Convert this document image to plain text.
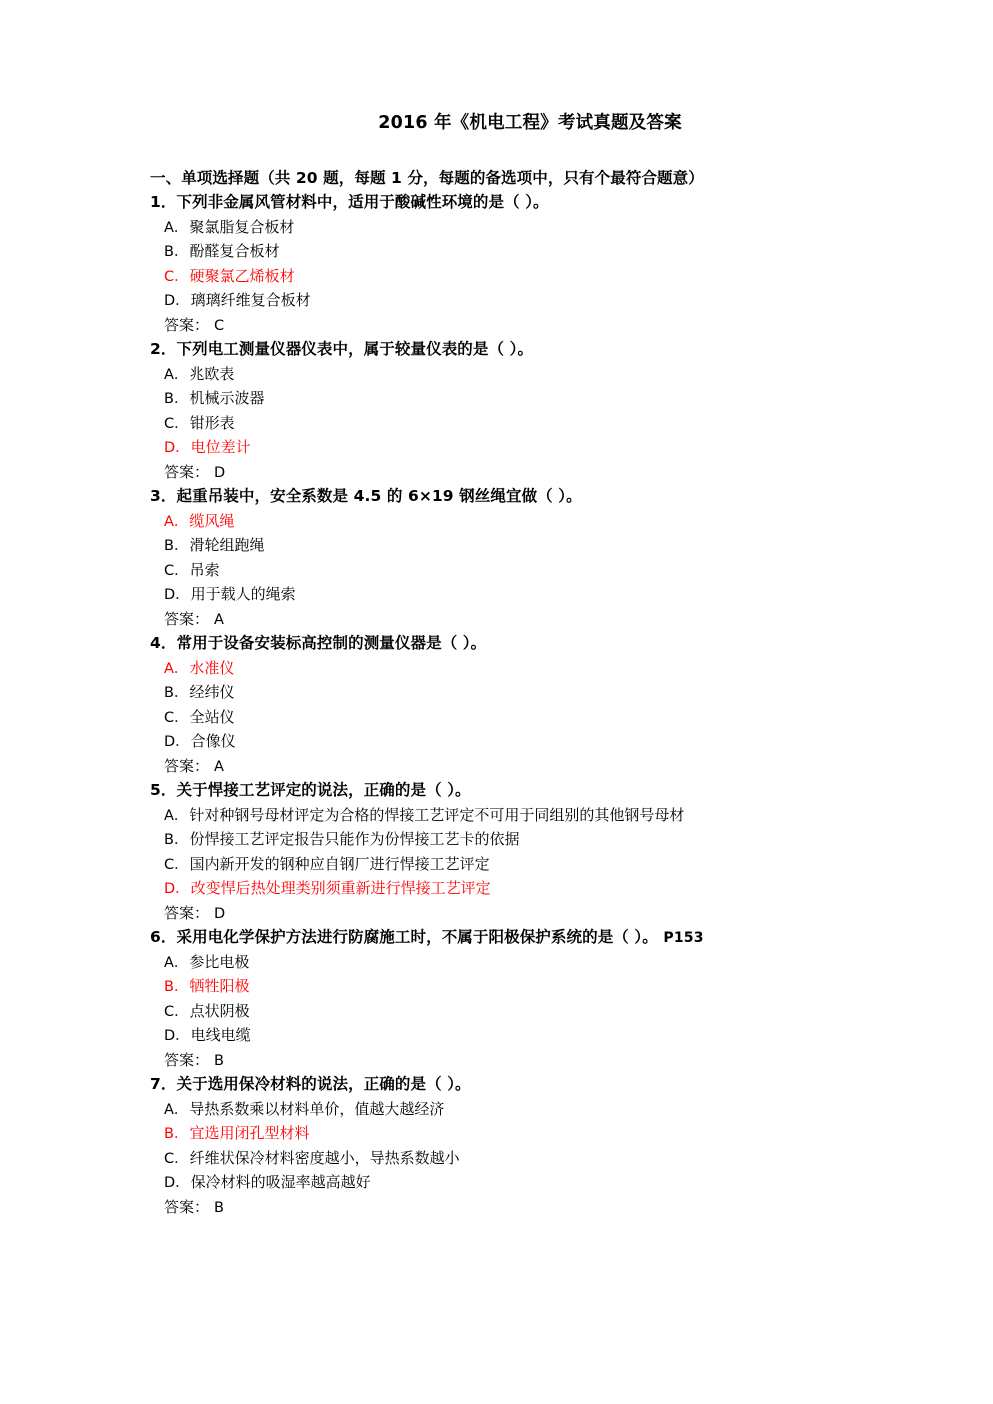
2016 年《机电工程》考试真题及答案
一、单项选择题（共 20 题，每题 1 分，每题的备选项中，只有个最符合题意）
1．下列非金属风管材料中，适用于酸碱性环境的是（ ）。
A．聚氯脂复合板材
B．酚醛复合板材
C．硬聚氯乙烯板材
D．璃璃纤维复合板材
答案： C
2．下列电工测量仪器仪表中，属于较量仪表的是（ ）。
A．兆欧表
B．机械示波器
C．钳形表
D．电位差计
答案： D
3．起重吊装中，安全系数是 4.5 的 6×19 钢丝绳宜做（ ）。
A．缆风绳
B．滑轮组跑绳
C．吊索
D．用于载人的绳索
答案： A
4．常用于设备安装标高控制的测量仪器是（ ）。
A．水准仪
B．经纬仪
C．全站仪
D．合像仪
答案： A
5．关于悍接工艺评定的说法，正确的是（ ）。
A．针对种钢号母材评定为合格的悍接工艺评定不可用于同组别的其他钢号母材
B．份悍接工艺评定报告只能作为份悍接工艺卡的依据
C．国内新开发的钢种应自钢厂进行悍接工艺评定
D．改变悍后热处理类别须重新进行悍接工艺评定
答案： D
6．采用电化学保护方法进行防腐施工时，不属于阳极保护系统的是（ ）。 P153
A．参比电极
B．牺牲阳极
C．点状阴极
D．电线电缆
答案： B
7．关于选用保冷材料的说法，正确的是（ ）。
A．导热系数乘以材料单价，值越大越经济
B．宜选用闭孔型材料
C．纤维状保冷材料密度越小，导热系数越小
D．保冷材料的吸湿率越高越好
答案： B
